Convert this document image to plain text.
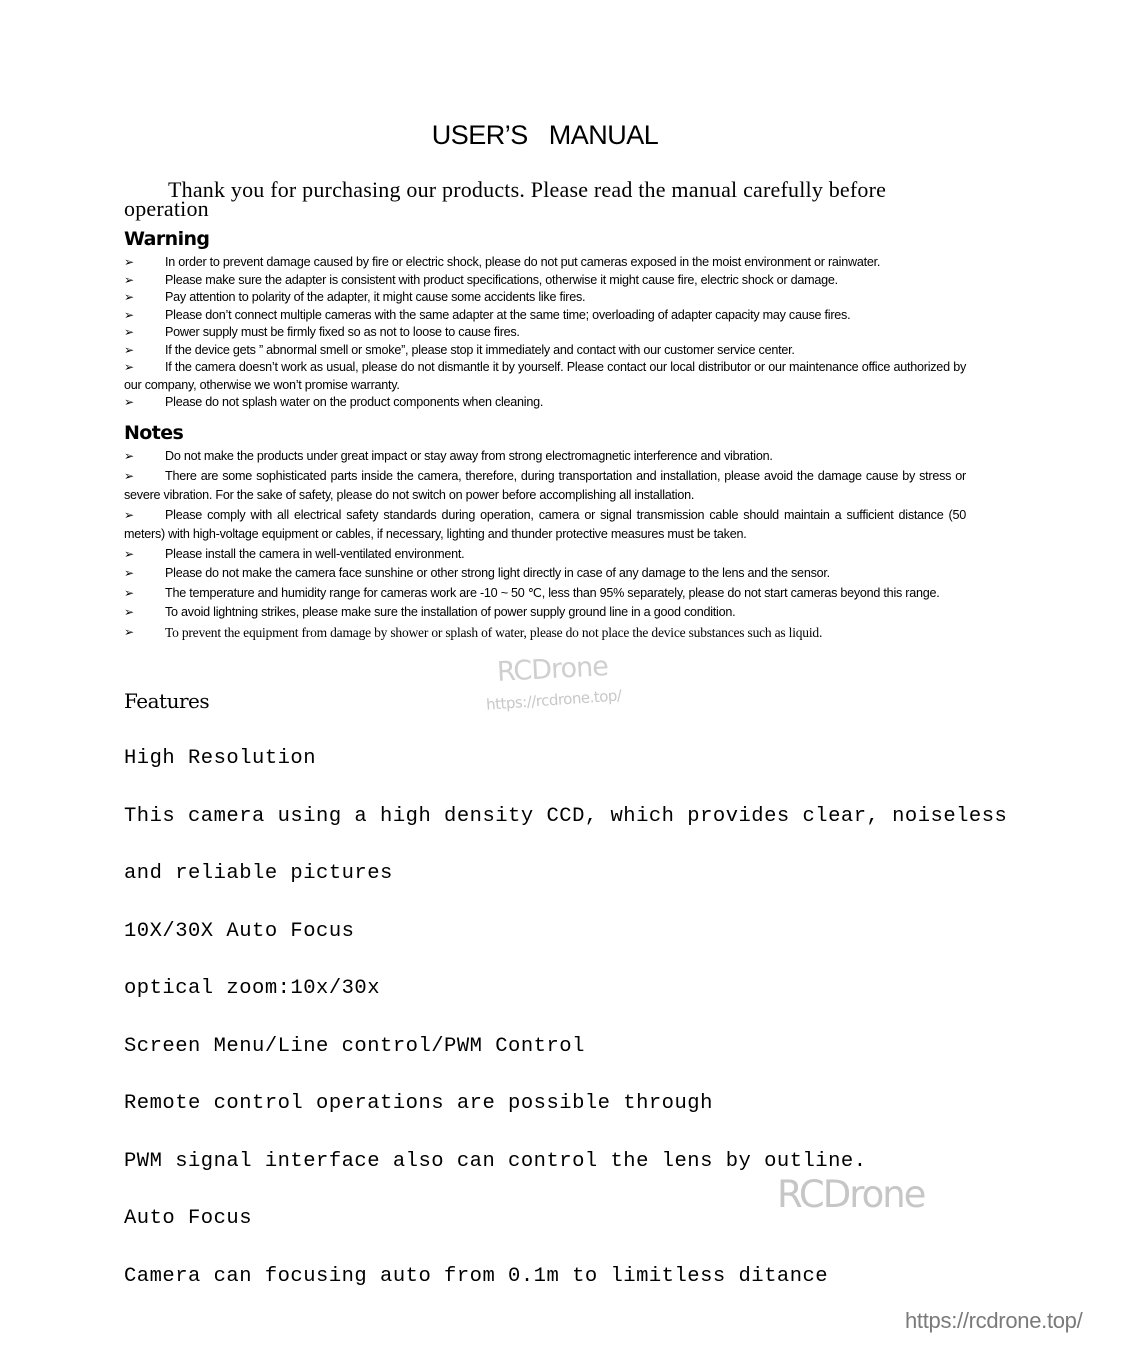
USER’S MANUAL
Thank you for purchasing our products. Please read the manual carefully before operation
Warning
➢ In order to prevent damage caused by fire or electric shock, please do not put cameras exposed in the moist environment or rainwater.
➢ Please make sure the adapter is consistent with product specifications, otherwise it might cause fire, electric shock or damage.
➢ Pay attention to polarity of the adapter, it might cause some accidents like fires.
➢ Please don’t connect multiple cameras with the same adapter at the same time; overloading of adapter capacity may cause fires.
➢ Power supply must be firmly fixed so as not to loose to cause fires.
➢ If the device gets ” abnormal smell or smoke”, please stop it immediately and contact with our customer service center.
➢ If the camera doesn’t work as usual, please do not dismantle it by yourself. Please contact our local distributor or our maintenance office authorized by our company, otherwise we won’t promise warranty.
➢ Please do not splash water on the product components when cleaning.
Notes
➢ Do not make the products under great impact or stay away from strong electromagnetic interference and vibration.
➢ There are some sophisticated parts inside the camera, therefore, during transportation and installation, please avoid the damage cause by stress or severe vibration. For the sake of safety, please do not switch on power before accomplishing all installation.
➢ Please comply with all electrical safety standards during operation, camera or signal transmission cable should maintain a sufficient distance (50 meters) with high-voltage equipment or cables, if necessary, lighting and thunder protective measures must be taken.
➢ Please install the camera in well-ventilated environment.
➢ Please do not make the camera face sunshine or other strong light directly in case of any damage to the lens and the sensor.
➢ The temperature and humidity range for cameras work are -10 ~ 50 ℃, less than 95% separately, please do not start cameras beyond this range.
➢ To avoid lightning strikes, please make sure the installation of power supply ground line in a good condition.
➢ To prevent the equipment from damage by shower or splash of water, please do not place the device substances such as liquid.
RCDrone
https://rcdrone.top/
Features
High Resolution
This camera using a high density CCD, which provides clear, noiseless
and reliable pictures
10X/30X Auto Focus
optical zoom:10x/30x
Screen Menu/Line control/PWM Control
Remote control operations are possible through
PWM signal interface also can control the lens by outline.
Auto Focus
Camera can focusing auto from 0.1m to limitless ditance
RCDrone
https://rcdrone.top/
